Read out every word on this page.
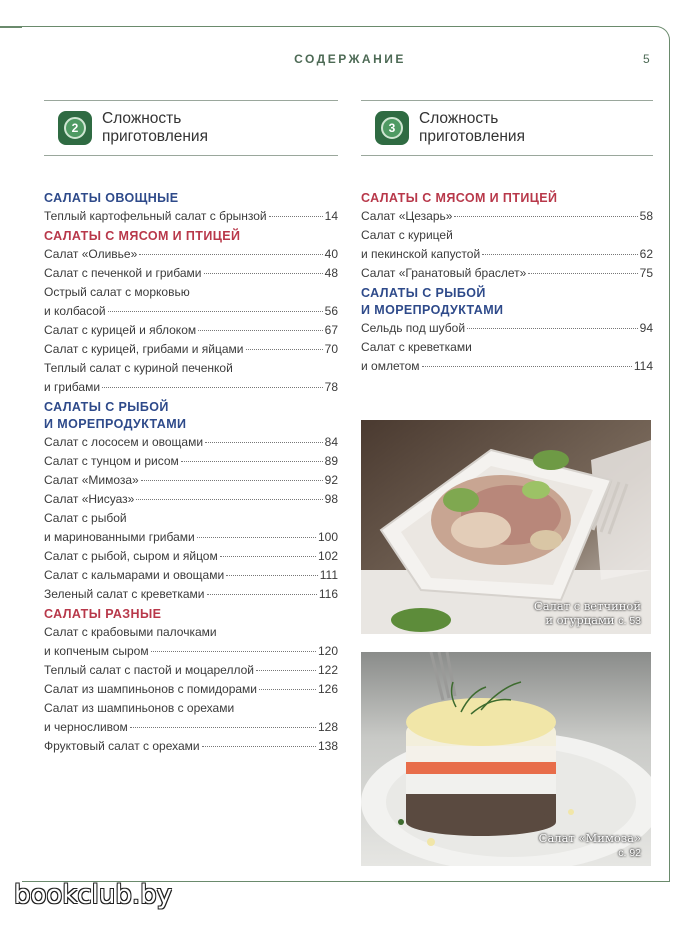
СОДЕРЖАНИЕ	5
2
Сложность
приготовления
САЛАТЫ ОВОЩНЫЕ
Теплый картофельный салат с брынзой	14
САЛАТЫ С МЯСОМ И ПТИЦЕЙ
Салат «Оливье»	40
Салат с печенкой и грибами	48
Острый салат с морковью
и колбасой	56
Салат с курицей и яблоком	67
Салат с курицей, грибами и яйцами	70
Теплый салат с куриной печенкой
и грибами	78
САЛАТЫ С РЫБОЙ
И МОРЕПРОДУКТАМИ
Салат с лососем и овощами	84
Салат с тунцом и рисом	89
Салат «Мимоза»	92
Салат «Нисуаз»	98
Салат с рыбой
и маринованными грибами	100
Салат с рыбой, сыром и яйцом	102
Салат с кальмарами и овощами	111
Зеленый салат с креветками	116
САЛАТЫ РАЗНЫЕ
Салат с крабовыми палочками
и копченым сыром	120
Теплый салат с пастой и моцареллой	122
Салат из шампиньонов с помидорами	126
Салат из шампиньонов с орехами
и черносливом	128
Фруктовый салат с орехами	138
3
Сложность
приготовления
САЛАТЫ С МЯСОМ И ПТИЦЕЙ
Салат «Цезарь»	58
Салат с курицей
и пекинской капустой	62
Салат «Гранатовый браслет»	75
САЛАТЫ С РЫБОЙ
И МОРЕПРОДУКТАМИ
Сельдь под шубой	94
Салат с креветками
и омлетом	114
Салат с ветчиной
и огурцами с. 53
Салат «Мимоза»
с. 92
bookclub.by
